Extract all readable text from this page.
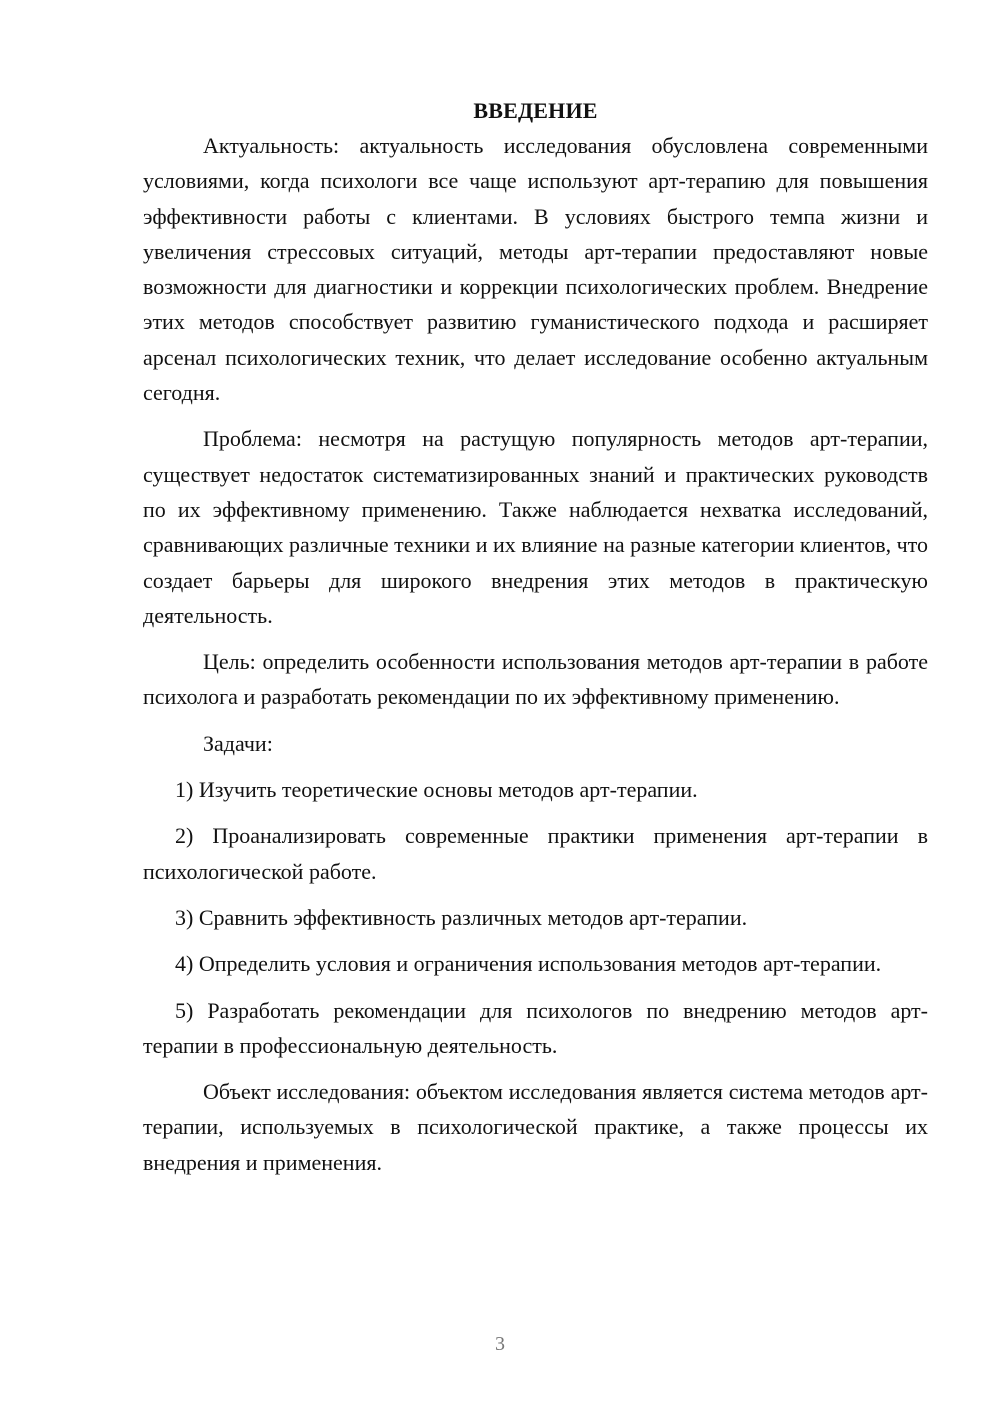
ВВЕДЕНИЕ

Актуальность: актуальность исследования обусловлена современными условиями, когда психологи все чаще используют арт-терапию для повышения эффективности работы с клиентами. В условиях быстрого темпа жизни и увеличения стрессовых ситуаций, методы арт-терапии предоставляют новые возможности для диагностики и коррекции психологических проблем. Внедрение этих методов способствует развитию гуманистического подхода и расширяет арсенал психологических техник, что делает исследование особенно актуальным сегодня.

Проблема: несмотря на растущую популярность методов арт-терапии, существует недостаток систематизированных знаний и практических руководств по их эффективному применению. Также наблюдается нехватка исследований, сравнивающих различные техники и их влияние на разные категории клиентов, что создает барьеры для широкого внедрения этих методов в практическую деятельность.

Цель: определить особенности использования методов арт-терапии в работе психолога и разработать рекомендации по их эффективному применению.

Задачи:

1) Изучить теоретические основы методов арт-терапии.

2) Проанализировать современные практики применения арт-терапии в психологической работе.

3) Сравнить эффективность различных методов арт-терапии.

4) Определить условия и ограничения использования методов арт-терапии.

5) Разработать рекомендации для психологов по внедрению методов арт-терапии в профессиональную деятельность.

Объект исследования: объектом исследования является система методов арт-терапии, используемых в психологической практике, а также процессы их внедрения и применения.

3
